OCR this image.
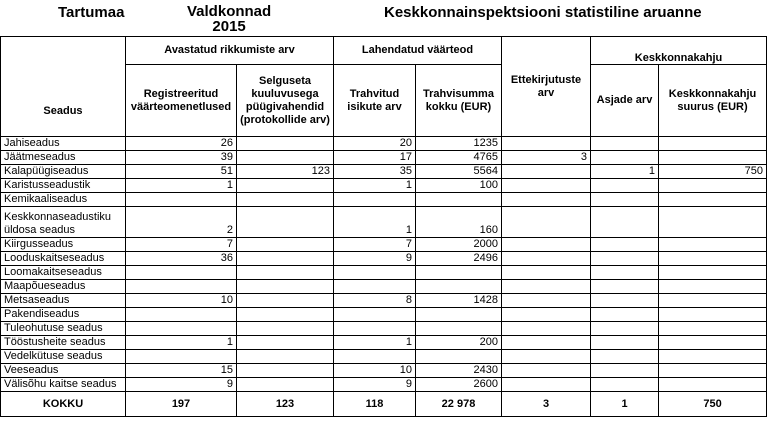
Tartumaa	Valdkonnad
2015
Keskkonnainspektsiooni statistiline aruanne
Seadus	Avastatud rikkumiste arv		Lahendatud väärteod		Ettekirjutuste arv	Keskkonnakahju	
	Registreeritud väärteomenetlused	Selguseta kuuluvusega püügivahendid (protokollide arv)	Trahvitud isikute arv	Trahvisumma kokku (EUR)		Asjade arv	Keskkonnakahju suurus (EUR)
Jahiseadus	26		20	1235			
Jäätmeseadus	39		17	4765	3		
Kalapüügiseadus	51	123	35	5564		1	750
Karistusseadustik	1		1	100			
Kemikaaliseadus							
Keskkonnaseadustiku üldosa seadus	2		1	160			
Kiirgusseadus	7		7	2000			
Looduskaitseseadus	36		9	2496			
Loomakaitseseadus							
Maapõueseadus							
Metsaseadus	10		8	1428			
Pakendiseadus							
Tuleohutuse seadus							
Tööstusheite seadus	1		1	200			
Vedelkütuse seadus							
Veeseadus	15		10	2430			
Välisõhu kaitse seadus	9		9	2600			
KOKKU	197	123	118	22 978	3	1	750
